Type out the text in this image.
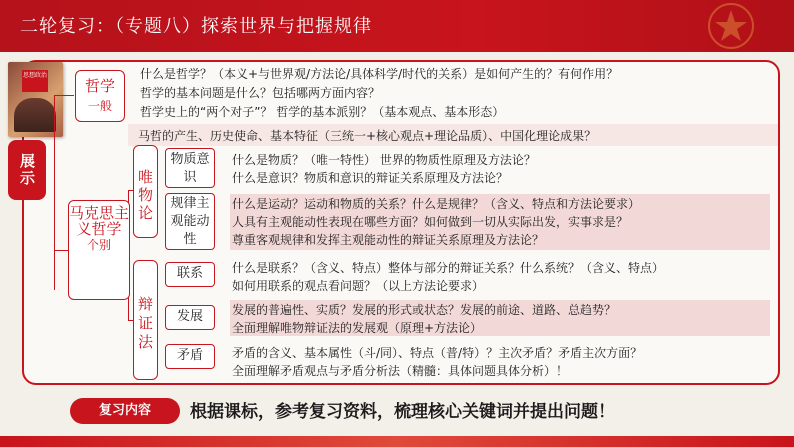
二轮复习：（专题八）探索世界与把握规律
思想政治
展示
哲学
一般
马克思主义哲学
个别
唯物论
辩证法
物质意识
规律主观能动性
联系
发展
矛盾
什么是哲学？（本义+与世界观/方法论/具体科学/时代的关系）是如何产生的？有何作用？
哲学的基本问题是什么？包括哪两方面内容？
哲学史上的“两个对子”？ 哲学的基本派别？（基本观点、基本形态）
马哲的产生、历史使命、基本特征（三统一+核心观点+理论品质）、中国化理论成果？
什么是物质？（唯一特性） 世界的物质性原理及方法论？
什么是意识？物质和意识的辩证关系原理及方法论？
什么是运动？运动和物质的关系？什么是规律？（含义、特点和方法论要求）
人具有主观能动性表现在哪些方面？如何做到一切从实际出发，实事求是？
尊重客观规律和发挥主观能动性的辩证关系原理及方法论？
什么是联系？（含义、特点）整体与部分的辩证关系？什么系统？（含义、特点）
如何用联系的观点看问题？（以上方法论要求）
发展的普遍性、实质？发展的形式或状态？发展的前途、道路、总趋势？
全面理解唯物辩证法的发展观（原理+方法论）
矛盾的含义、基本属性（斗/同）、特点（普/特）？主次矛盾？矛盾主次方面？
全面理解矛盾观点与矛盾分析法（精髓：具体问题具体分析）！
复习内容	根据课标，参考复习资料，梳理核心关键词并提出问题！
